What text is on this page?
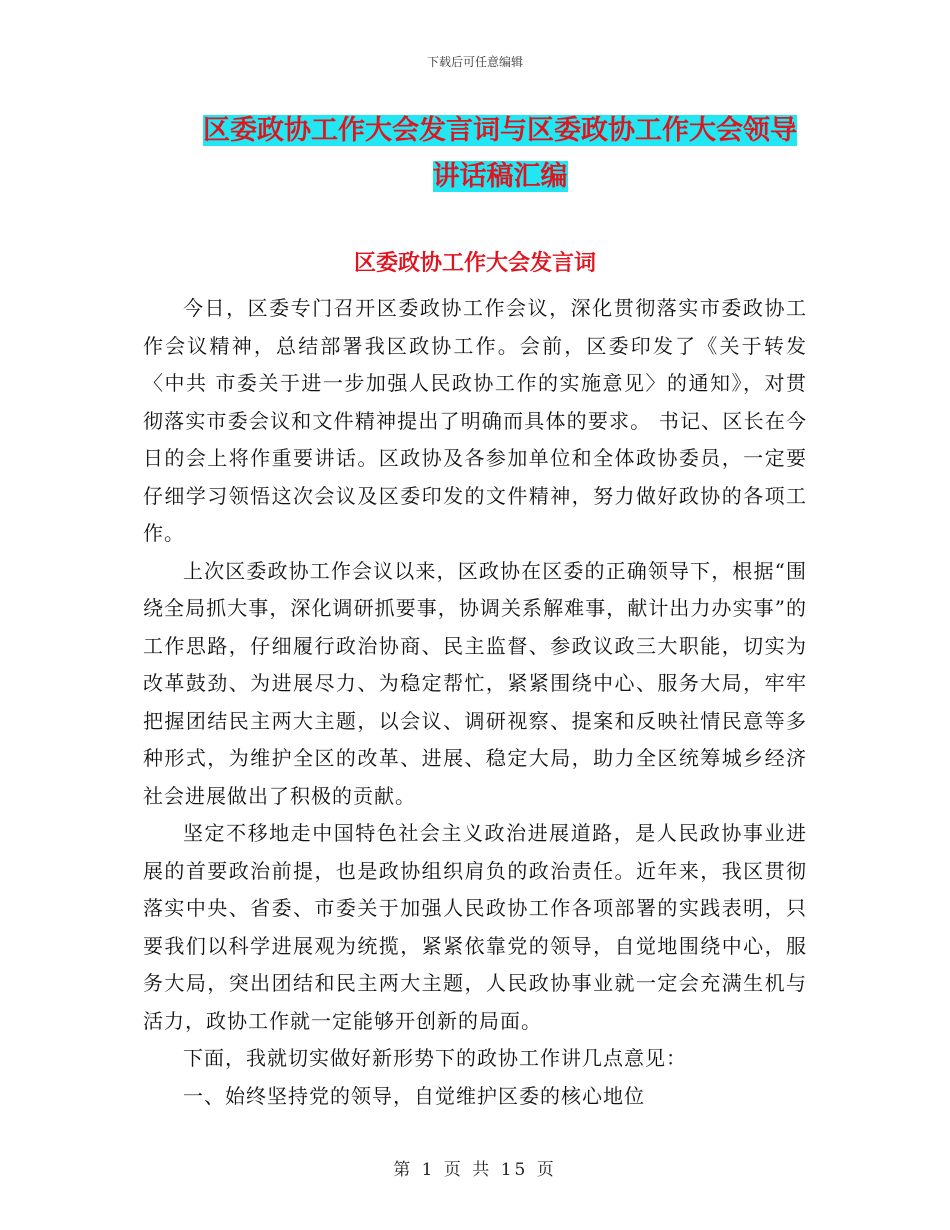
下载后可任意编辑
区委政协工作大会发言词与区委政协工作大会领导讲话稿汇编
区委政协工作大会发言词

今日，区委专门召开区委政协工作会议，深化贯彻落实市委政协工作会议精神，总结部署我区政协工作。会前，区委印发了《关于转发〈中共 市委关于进一步加强人民政协工作的实施意见〉的通知》，对贯彻落实市委会议和文件精神提出了明确而具体的要求。 书记、区长在今日的会上将作重要讲话。区政协及各参加单位和全体政协委员，一定要仔细学习领悟这次会议及区委印发的文件精神，努力做好政协的各项工作。

上次区委政协工作会议以来，区政协在区委的正确领导下，根据“围绕全局抓大事，深化调研抓要事，协调关系解难事，献计出力办实事”的工作思路，仔细履行政治协商、民主监督、参政议政三大职能，切实为改革鼓劲、为进展尽力、为稳定帮忙，紧紧围绕中心、服务大局，牢牢把握团结民主两大主题，以会议、调研视察、提案和反映社情民意等多种形式，为维护全区的改革、进展、稳定大局，助力全区统筹城乡经济社会进展做出了积极的贡献。

坚定不移地走中国特色社会主义政治进展道路，是人民政协事业进展的首要政治前提，也是政协组织肩负的政治责任。近年来，我区贯彻落实中央、省委、市委关于加强人民政协工作各项部署的实践表明，只要我们以科学进展观为统揽，紧紧依靠党的领导，自觉地围绕中心，服务大局，突出团结和民主两大主题，人民政协事业就一定会充满生机与活力，政协工作就一定能够开创新的局面。

下面，我就切实做好新形势下的政协工作讲几点意见：

一、始终坚持党的领导，自觉维护区委的核心地位

第 1 页 共 15 页
